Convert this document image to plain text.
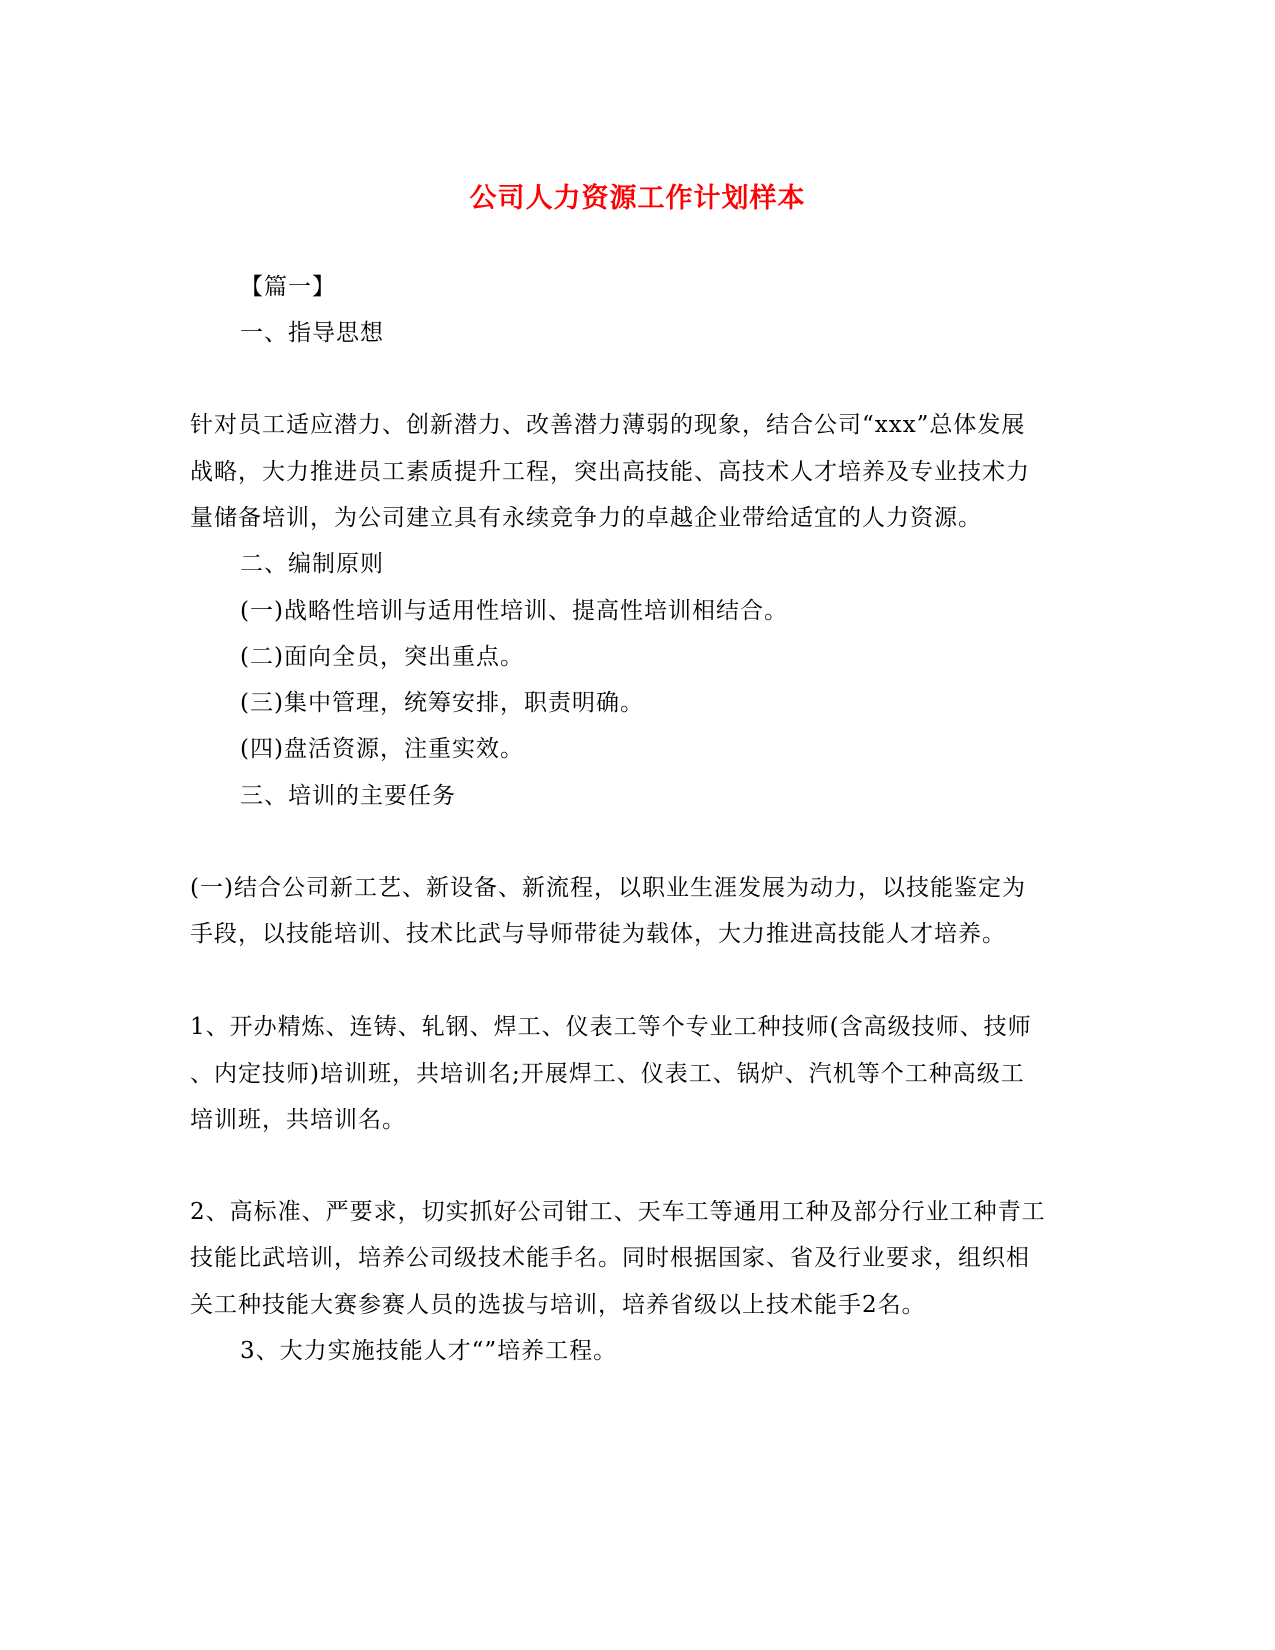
公司人力资源工作计划样本
【篇一】
一、指导思想
针对员工适应潜力、创新潜力、改善潜力薄弱的现象，结合公司“xxx”总体发展
战略，大力推进员工素质提升工程，突出高技能、高技术人才培养及专业技术力
量储备培训，为公司建立具有永续竞争力的卓越企业带给适宜的人力资源。
二、编制原则
(一)战略性培训与适用性培训、提高性培训相结合。
(二)面向全员，突出重点。
(三)集中管理，统筹安排，职责明确。
(四)盘活资源，注重实效。
三、培训的主要任务
(一)结合公司新工艺、新设备、新流程，以职业生涯发展为动力，以技能鉴定为
手段，以技能培训、技术比武与导师带徒为载体，大力推进高技能人才培养。
1、开办精炼、连铸、轧钢、焊工、仪表工等个专业工种技师(含高级技师、技师
、内定技师)培训班，共培训名;开展焊工、仪表工、锅炉、汽机等个工种高级工
培训班，共培训名。
2、高标准、严要求，切实抓好公司钳工、天车工等通用工种及部分行业工种青工
技能比武培训，培养公司级技术能手名。同时根据国家、省及行业要求，组织相
关工种技能大赛参赛人员的选拔与培训，培养省级以上技术能手2名。
3、大力实施技能人才“”培养工程。
